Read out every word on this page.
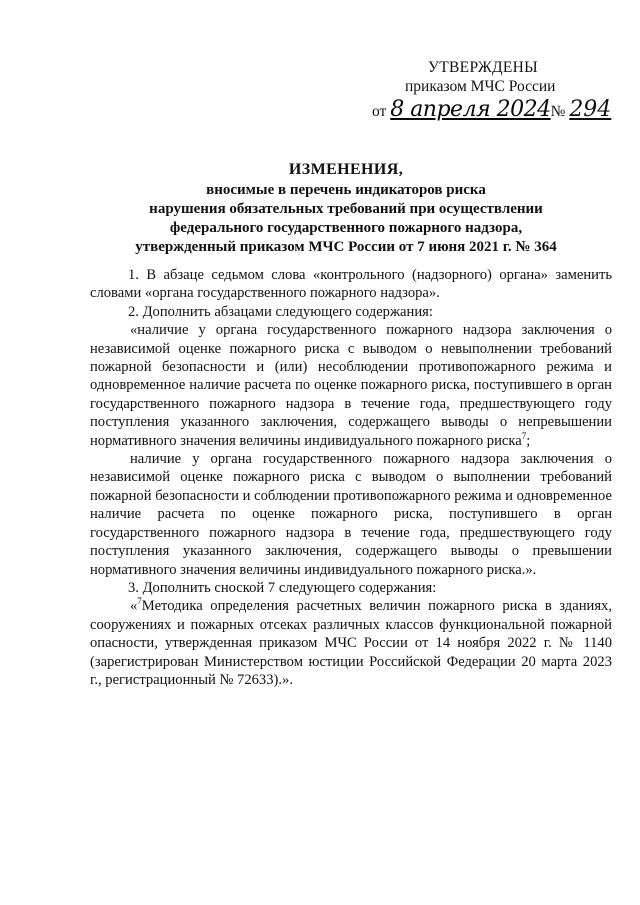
УТВЕРЖДЕНЫ
приказом МЧС России
от 8 апреля 2024№ 294
ИЗМЕНЕНИЯ,
вносимые в перечень индикаторов риска
нарушения обязательных требований при осуществлении
федерального государственного пожарного надзора,
утвержденный приказом МЧС России от 7 июня 2021 г. № 364

1. В абзаце седьмом слова «контрольного (надзорного) органа» заменить словами «органа государственного пожарного надзора».

2. Дополнить абзацами следующего содержания:

«наличие у органа государственного пожарного надзора заключения о независимой оценке пожарного риска с выводом о невыполнении требований пожарной безопасности и (или) несоблюдении противопожарного режима и одновременное наличие расчета по оценке пожарного риска, поступившего в орган государственного пожарного надзора в течение года, предшествующего году поступления указанного заключения, содержащего выводы о непревышении нормативного значения величины индивидуального пожарного риска$^7$;

наличие у органа государственного пожарного надзора заключения о независимой оценке пожарного риска с выводом о выполнении требований пожарной безопасности и соблюдении противопожарного режима и одновременное наличие расчета по оценке пожарного риска, поступившего в орган государственного пожарного надзора в течение года, предшествующего году поступления указанного заключения, содержащего выводы о превышении нормативного значения величины индивидуального пожарного риска.».

3. Дополнить сноской 7 следующего содержания:

«$^7$Методика определения расчетных величин пожарного риска в зданиях, сооружениях и пожарных отсеках различных классов функциональной пожарной опасности, утвержденная приказом МЧС России от 14 ноября 2022 г. № 1140 (зарегистрирован Министерством юстиции Российской Федерации 20 марта 2023 г., регистрационный № 72633).».
